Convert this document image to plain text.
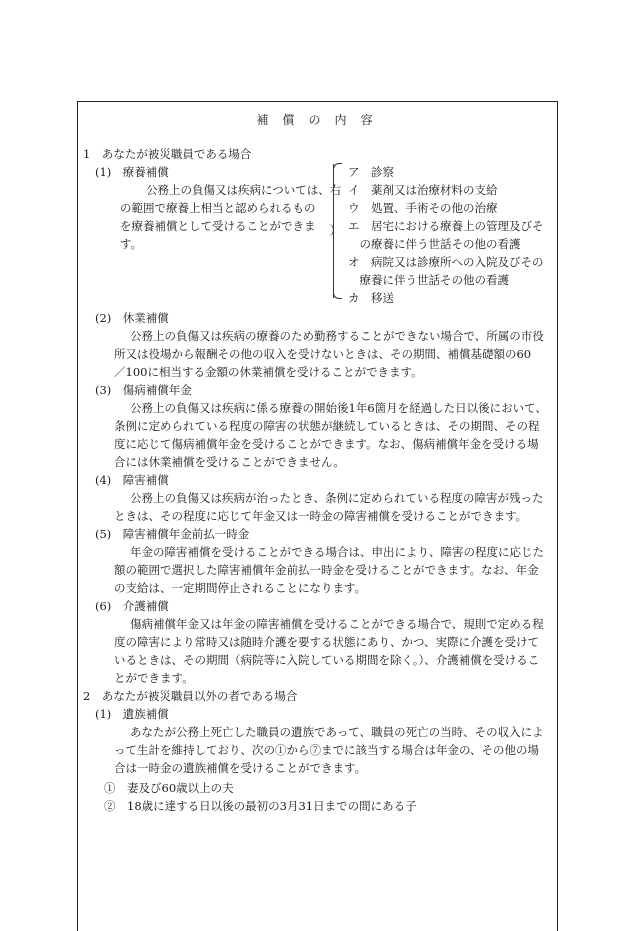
補　償　の　内　容
1　あなたが被災職員である場合
(1)　療養補償
公務上の負傷又は疾病については、右
の範囲で療養上相当と認められるもの
を療養補償として受けることができま
す。
ア　診察
イ　薬剤又は治療材料の支給
ウ　処置、手術その他の治療
エ　居宅における療養上の管理及びそ
　の療養に伴う世話その他の看護
オ　病院又は診療所への入院及びその
　療養に伴う世話その他の看護
カ　移送
(2)　休業補償
公務上の負傷又は疾病の療養のため勤務することができない場合で、所属の市役
所又は役場から報酬その他の収入を受けないときは、その期間、補償基礎額の60
／100に相当する金額の休業補償を受けることができます。
(3)　傷病補償年金
公務上の負傷又は疾病に係る療養の開始後1年6箇月を経過した日以後において、
条例に定められている程度の障害の状態が継続しているときは、その期間、その程
度に応じて傷病補償年金を受けることができます。なお、傷病補償年金を受ける場
合には休業補償を受けることができません。
(4)　障害補償
公務上の負傷又は疾病が治ったとき、条例に定められている程度の障害が残った
ときは、その程度に応じて年金又は一時金の障害補償を受けることができます。
(5)　障害補償年金前払一時金
年金の障害補償を受けることができる場合は、申出により、障害の程度に応じた
額の範囲で選択した障害補償年金前払一時金を受けることができます。なお、年金
の支給は、一定期間停止されることになります。
(6)　介護補償
傷病補償年金又は年金の障害補償を受けることができる場合で、規則で定める程
度の障害により常時又は随時介護を要する状態にあり、かつ、実際に介護を受けて
いるときは、その期間（病院等に入院している期間を除く。）、介護補償を受けるこ
とができます。
2　あなたが被災職員以外の者である場合
(1)　遺族補償
あなたが公務上死亡した職員の遺族であって、職員の死亡の当時、その収入によ
って生計を維持しており、次の①から⑦までに該当する場合は年金の、その他の場
合は一時金の遺族補償を受けることができます。
①　妻及び60歳以上の夫
②　18歳に達する日以後の最初の3月31日までの間にある子
